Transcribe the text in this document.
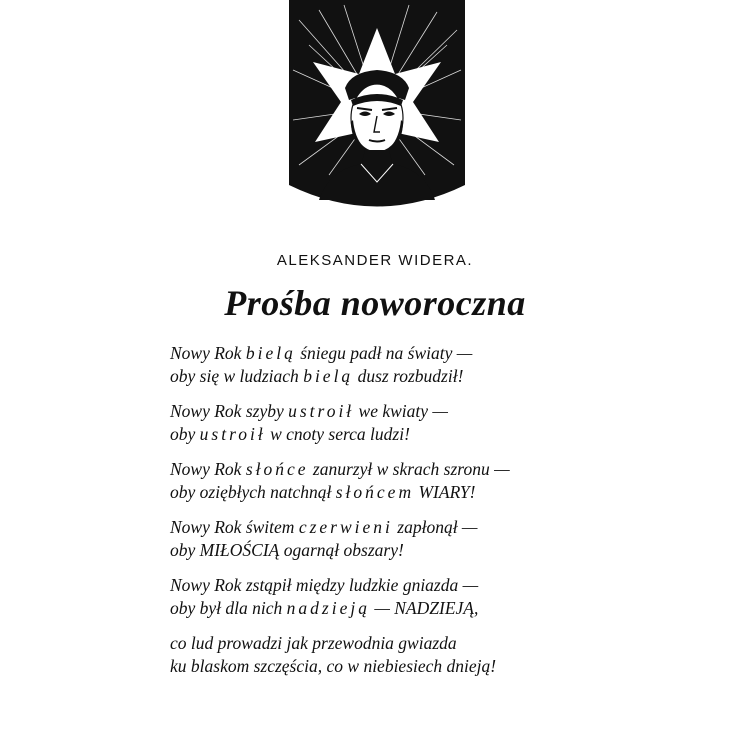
ALEKSANDER WIDERA.
Prośba noworoczna
Nowy Rok bielą śniegu padł na światy —
oby się w ludziach bielą dusz rozbudził!
Nowy Rok szyby ustroił we kwiaty —
oby ustroił w cnoty serca ludzi!
Nowy Rok słońce zanurzył w skrach szronu —
oby oziębłych natchnął słońcem WIARY!
Nowy Rok świtem czerwieni zapłonął —
oby MIŁOŚCIĄ ogarnął obszary!
Nowy Rok zstąpił między ludzkie gniazda —
oby był dla nich nadzieją — NADZIEJĄ,
co lud prowadzi jak przewodnia gwiazda
ku blaskom szczęścia, co w niebiesiech dnieją!
